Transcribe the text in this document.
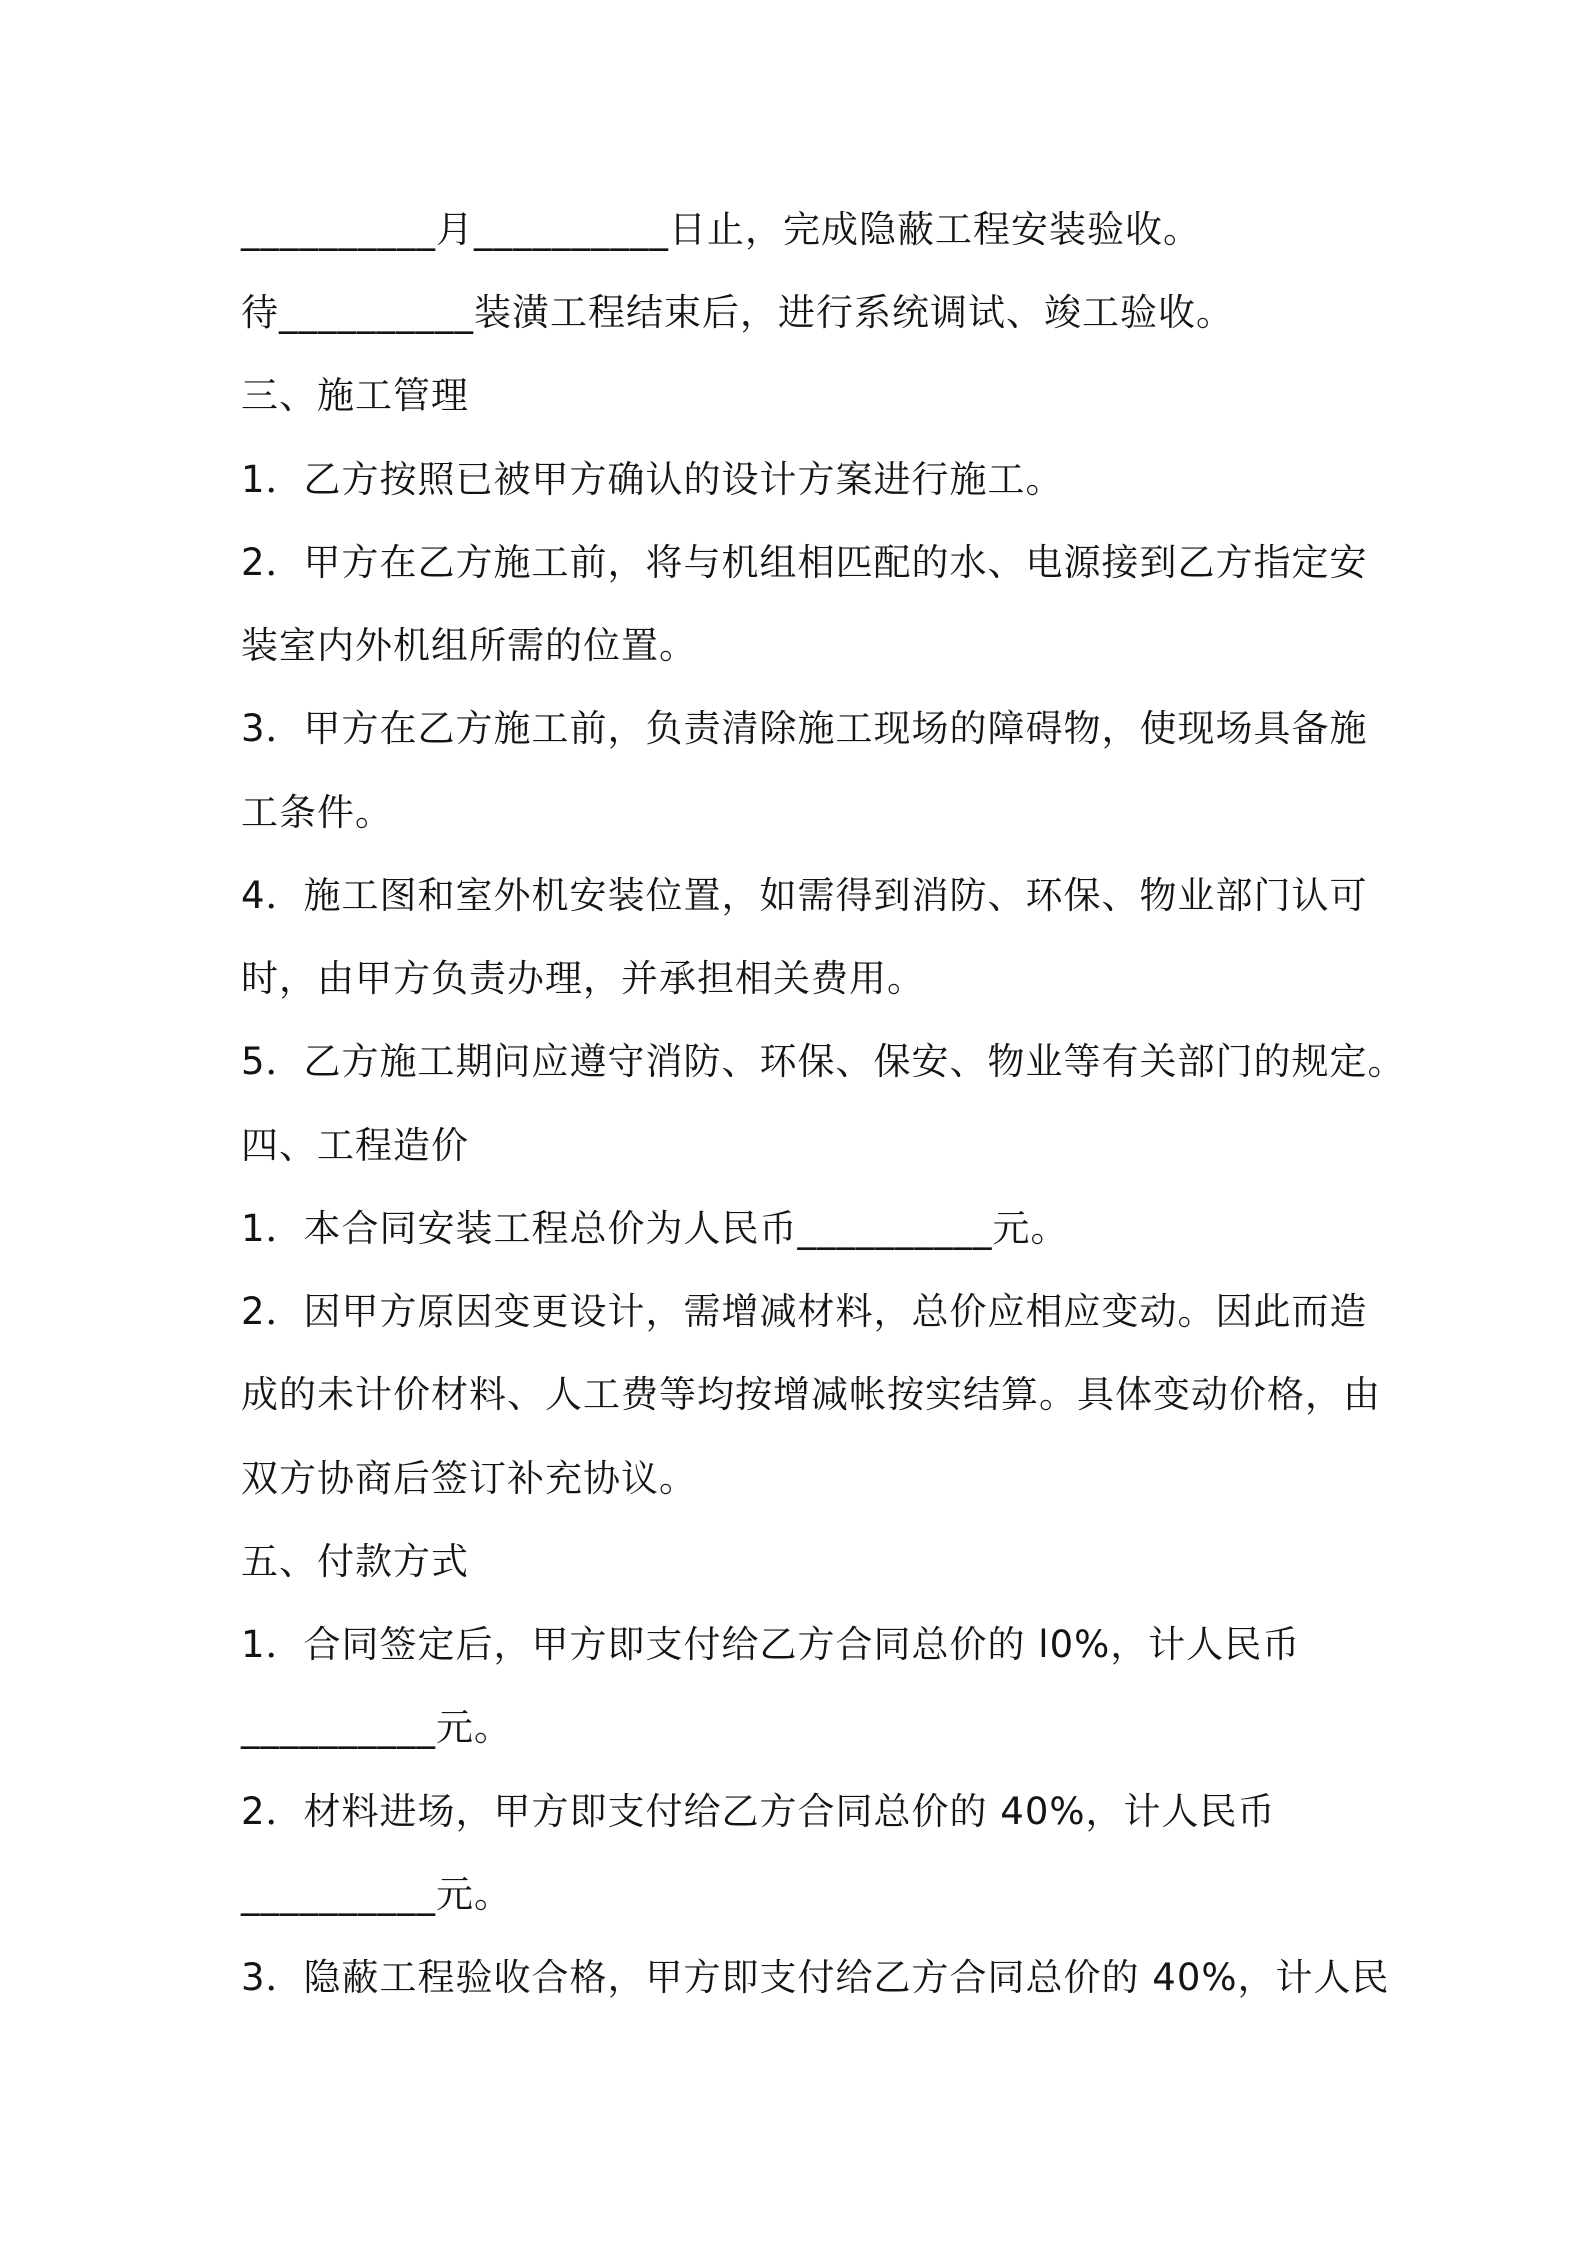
__________月__________日止，完成隐蔽工程安装验收。
待__________装潢工程结束后，进行系统调试、竣工验收。
三、施工管理
1．乙方按照已被甲方确认的设计方案进行施工。
2．甲方在乙方施工前，将与机组相匹配的水、电源接到乙方指定安
装室内外机组所需的位置。
3．甲方在乙方施工前，负责清除施工现场的障碍物，使现场具备施
工条件。
4．施工图和室外机安装位置，如需得到消防、环保、物业部门认可
时，由甲方负责办理，并承担相关费用。
5．乙方施工期问应遵守消防、环保、保安、物业等有关部门的规定。
四、工程造价
1．本合同安装工程总价为人民币__________元。
2．因甲方原因变更设计，需增减材料，总价应相应变动。因此而造
成的未计价材料、人工费等均按增减帐按实结算。具体变动价格，由
双方协商后签订补充协议。
五、付款方式
1．合同签定后，甲方即支付给乙方合同总价的 l0%，计人民币
__________元。
2．材料进场，甲方即支付给乙方合同总价的 40%，计人民币
__________元。
3．隐蔽工程验收合格，甲方即支付给乙方合同总价的 40%，计人民
